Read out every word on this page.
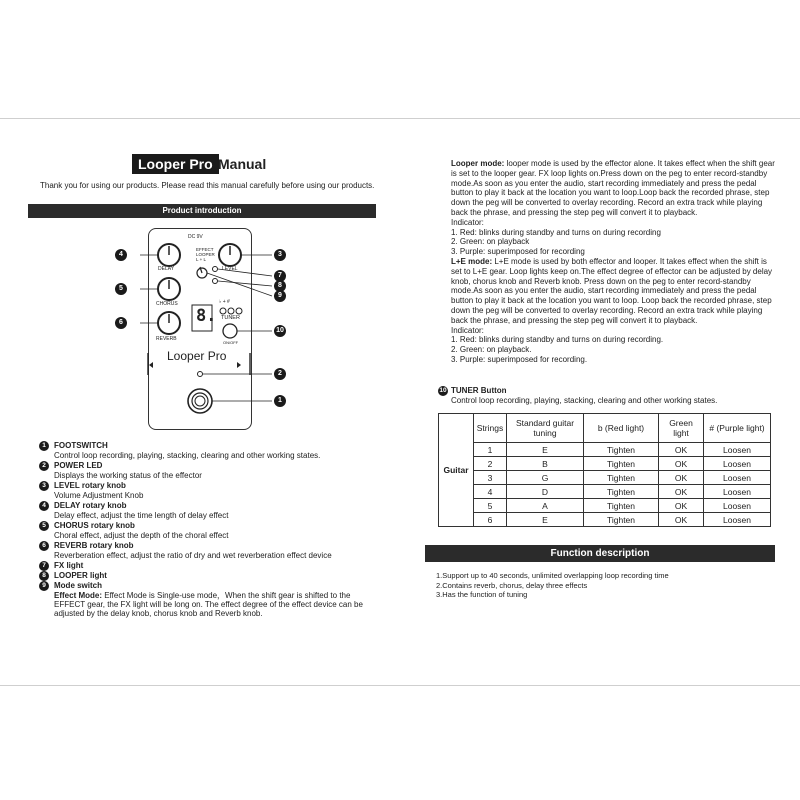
Looper Pro Manual
Thank you for using our products. Please read this manual carefully before using our products.
Product introduction
DC 9V
DELAY	LEVEL
CHORUS
REVERB
EFFECT
LOOPER
L + L
8.
♭ + #
TUNER
ON/OFF
Looper Pro
4	3
5
6
7
8
9
10
2
1
1	FOOTSWITCH
Control loop recording, playing, stacking, clearing and other working states.
2	POWER LED
Displays the working status of the effector
3	LEVEL rotary knob
Volume Adjustment Knob
4	DELAY rotary knob
Delay effect, adjust the time length of delay effect
5	CHORUS rotary knob
Choral effect, adjust the depth of the choral effect
6	REVERB rotary knob
Reverberation effect, adjust the ratio of dry and wet reverberation effect device
7	FX light
8	LOOPER light
9	Mode switch
Effect Mode: Effect Mode is Single-use mode，When the shift gear is shifted to the EFFECT gear, the FX light will be long on. The effect degree of the effect device can be adjusted by the delay knob, chorus knob and Reverb knob.
Looper mode: looper mode is used by the effector alone. It takes effect when the shift gear is set to the looper gear. FX loop lights on.Press down on the peg to enter record-standby mode.As soon as you enter the audio, start recording immediately and press the pedal button to play it back at the location you want to loop.Loop back the recorded phrase, step down the peg will be converted to overlay recording. Record an extra track while playing back the phrase, and pressing the step peg will convert it to playback.
Indicator:
1. Red: blinks during standby and turns on during recording
2. Green: on playback
3. Purple: superimposed for recording
L+E mode: L+E mode is used by both effector and looper. It takes effect when the shift is set to L+E gear. Loop lights keep on.The effect degree of effector can be adjusted by delay knob, chorus knob and Reverb knob. Press down on the peg to enter record-standby mode.As soon as you enter the audio, start recording immediately and press the pedal button to play it back at the location you want to loop. Loop back the recorded phrase, step down the peg will be converted to overlay recording. Record an extra track while playing back the phrase, and pressing the step peg will convert it to playback.
Indicator:
1. Red: blinks during standby and turns on during recording.
2. Green: on playback.
3. Purple: superimposed for recording.
10 TUNER Button
Control loop recording, playing, stacking, clearing and other working states.
Guitar	Strings	Standard guitar tuning	b (Red light)	Green light	# (Purple light)
	1	E	Tighten	OK	Loosen
	2	B	Tighten	OK	Loosen
	3	G	Tighten	OK	Loosen
	4	D	Tighten	OK	Loosen
	5	A	Tighten	OK	Loosen
	6	E	Tighten	OK	Loosen
Function description
1.Support up to 40 seconds, unlimited overlapping loop recording time
2.Contains reverb, chorus, delay three effects
3.Has the function of tuning
